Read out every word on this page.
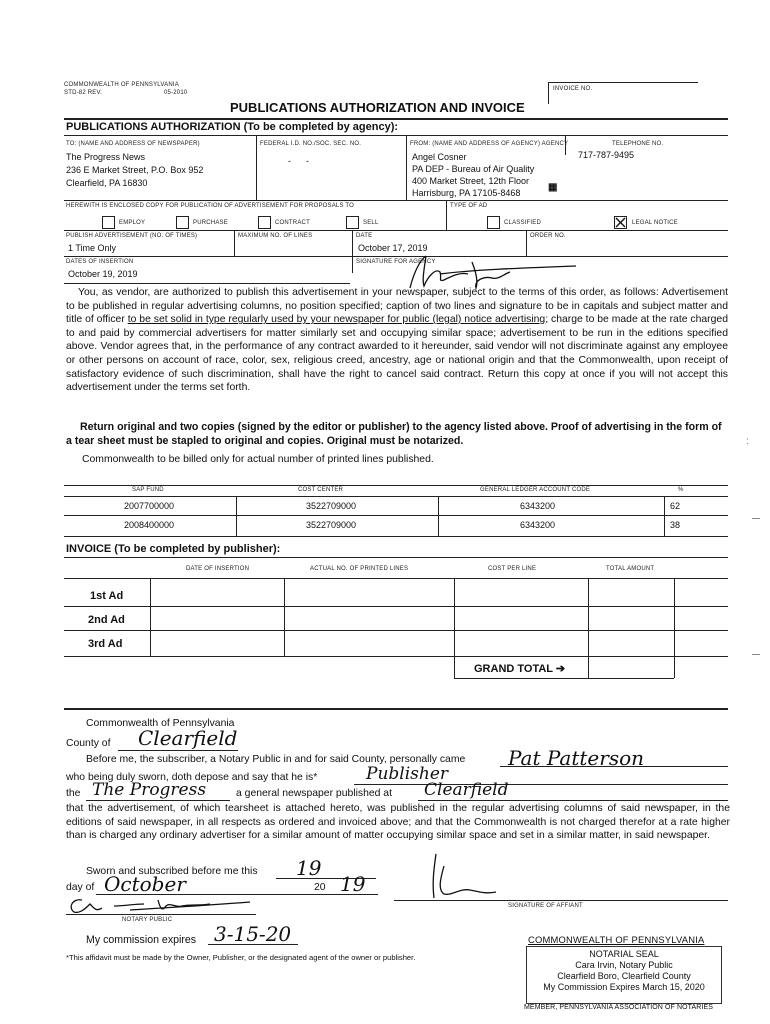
COMMONWEALTH OF PENNSYLVANIA
STD-82 REV.	05-2010
INVOICE NO.
PUBLICATIONS AUTHORIZATION AND INVOICE
PUBLICATIONS AUTHORIZATION (To be completed by agency):
TO: (NAME AND ADDRESS OF NEWSPAPER)
The Progress News
236 E Market Street, P.O. Box 952
Clearfield, PA 16830
FEDERAL I.D. NO./SOC. SEC. NO.
-      -
FROM: (NAME AND ADDRESS OF AGENCY) AGENCY
Angel Cosner
PA DEP - Bureau of Air Quality
400 Market Street, 12th Floor
Harrisburg, PA 17105-8468	▦
TELEPHONE NO.
717-787-9495
HEREWITH IS ENCLOSED COPY FOR PUBLICATION OF ADVERTISEMENT FOR PROPOSALS TO	TYPE OF AD
EMPLOY	PURCHASE	CONTRACT	SELL	CLASSIFIED	LEGAL NOTICE
PUBLISH ADVERTISEMENT (NO. OF TIMES)
1 Time Only
MAXIMUM NO. OF LINES	DATE
October 17, 2019
ORDER NO.
DATES OF INSERTION
October 19, 2019
SIGNATURE FOR AGENCY
You, as vendor, are authorized to publish this advertisement in your newspaper, subject to the terms of this order, as follows: Advertisement to be published in regular advertising columns, no position specified; caption of two lines and signature to be in capitals and subject matter and title of officer to be set solid in type regularly used by your newspaper for public (legal) notice advertising; charge to be made at the rate charged to and paid by commercial advertisers for matter similarly set and occupying similar space; advertisement to be run in the editions specified above. Vendor agrees that, in the performance of any contract awarded to it hereunder, said vendor will not discriminate against any employee or other persons on account of race, color, sex, religious creed, ancestry, age or national origin and that the Commonwealth, upon receipt of satisfactory evidence of such discrimination, shall have the right to cancel said contract. Return this copy at once if you will not accept this advertisement under the terms set forth.
Return original and two copies (signed by the editor or publisher) to the agency listed above. Proof of advertising in the form of a tear sheet must be stapled to original and copies. Original must be notarized.
Commonwealth to be billed only for actual number of printed lines published.
SAP FUND	COST CENTER	GENERAL LEDGER ACCOUNT CODE	%
2007700000	3522709000	6343200	62
2008400000	3522709000	6343200	38
INVOICE (To be completed by publisher):
DATE OF INSERTION	ACTUAL NO. OF PRINTED LINES	COST PER LINE	TOTAL AMOUNT
1st Ad
2nd Ad
3rd Ad
GRAND TOTAL ➔
Commonwealth of Pennsylvania
County of Clearfield
Before me, the subscriber, a Notary Public in and for said County, personally came Pat Patterson
who being duly sworn, doth depose and say that he is*	Publisher
the The Progress	a general newspaper published at Clearfield
that the advertisement, of which tearsheet is attached hereto, was published in the regular advertising columns of said newspaper, in the editions of said newspaper, in all respects as ordered and invoiced above; and that the Commonwealth is not charged therefor at a rate higher than is charged any ordinary advertiser for a similar amount of matter occupying similar space and set in a similar matter, in said newspaper.
Sworn and subscribed before me this 19
day of October	20 19
SIGNATURE OF AFFIANT
NOTARY PUBLIC
My commission expires 3-15-20
*This affidavit must be made by the Owner, Publisher, or the designated agent of the owner or publisher.
COMMONWEALTH OF PENNSYLVANIA
NOTARIAL SEAL
Cara Irvin, Notary Public
Clearfield Boro, Clearfield County
My Commission Expires March 15, 2020
MEMBER, PENNSYLVANIA ASSOCIATION OF NOTARIES
:
